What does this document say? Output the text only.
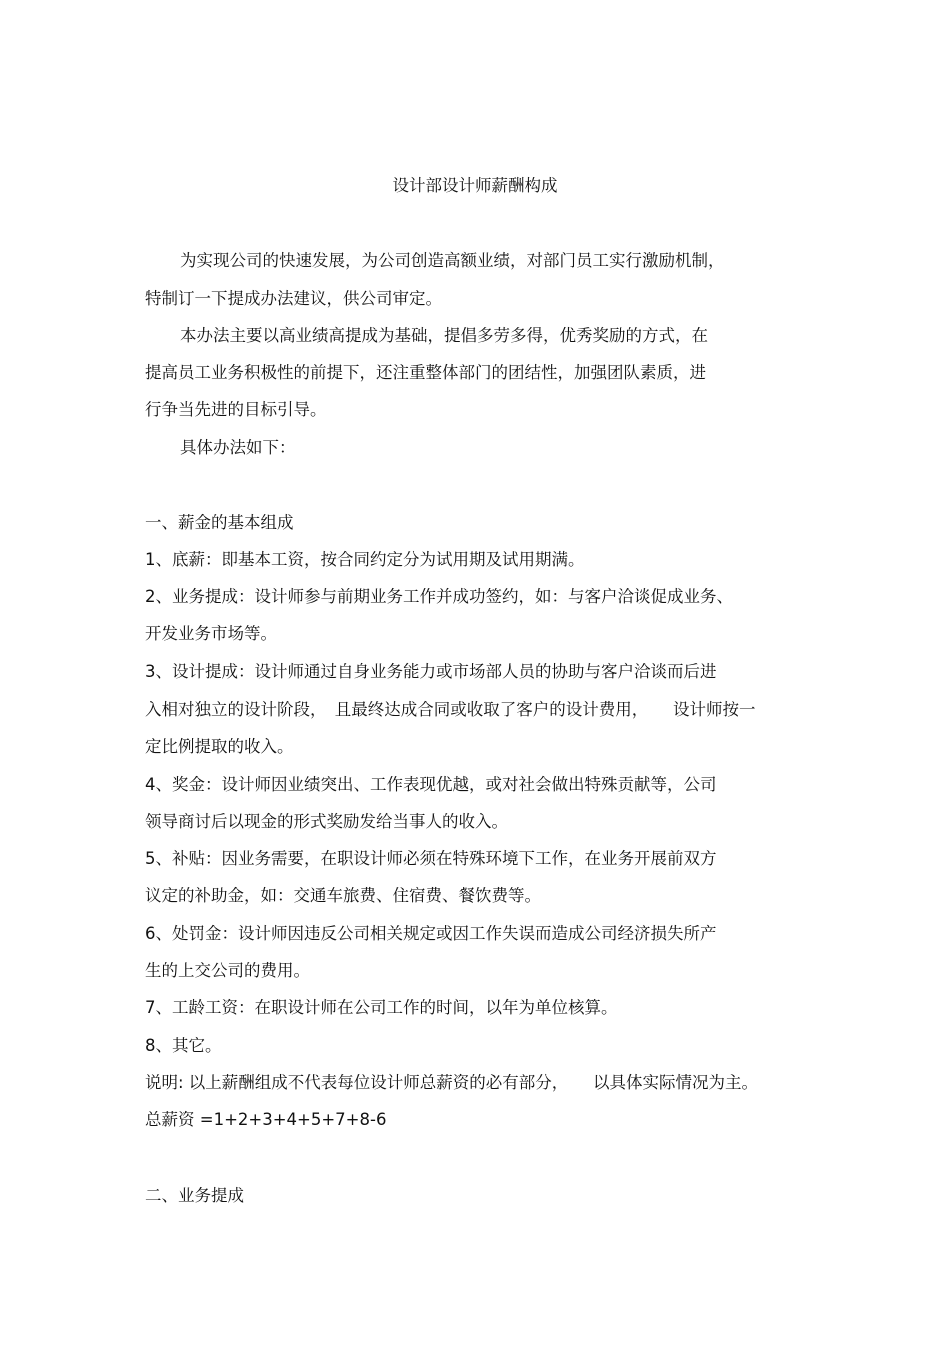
设计部设计师薪酬构成

为实现公司的快速发展，为公司创造高额业绩，对部门员工实行激励机制，

特制订一下提成办法建议，供公司审定。

本办法主要以高业绩高提成为基础，提倡多劳多得，优秀奖励的方式，在

提高员工业务积极性的前提下，还注重整体部门的团结性，加强团队素质，进

行争当先进的目标引导。

具体办法如下：

一、薪金的基本组成

1、底薪：即基本工资，按合同约定分为试用期及试用期满。

2、业务提成：设计师参与前期业务工作并成功签约，如：与客户洽谈促成业务、

开发业务市场等。

3、设计提成：设计师通过自身业务能力或市场部人员的协助与客户洽谈而后进

入相对独立的设计阶段，　且最终达成合同或收取了客户的设计费用，　　设计师按一

定比例提取的收入。

4、奖金：设计师因业绩突出、工作表现优越，或对社会做出特殊贡献等，公司

领导商讨后以现金的形式奖励发给当事人的收入。

5、补贴：因业务需要，在职设计师必须在特殊环境下工作，在业务开展前双方

议定的补助金，如：交通车旅费、住宿费、餐饮费等。

6、处罚金：设计师因违反公司相关规定或因工作失误而造成公司经济损失所产

生的上交公司的费用。

7、工龄工资：在职设计师在公司工作的时间，以年为单位核算。

8、其它。

说明: 以上薪酬组成不代表每位设计师总薪资的必有部分，　　以具体实际情况为主。

总薪资 =1+2+3+4+5+7+8-6

二、业务提成
